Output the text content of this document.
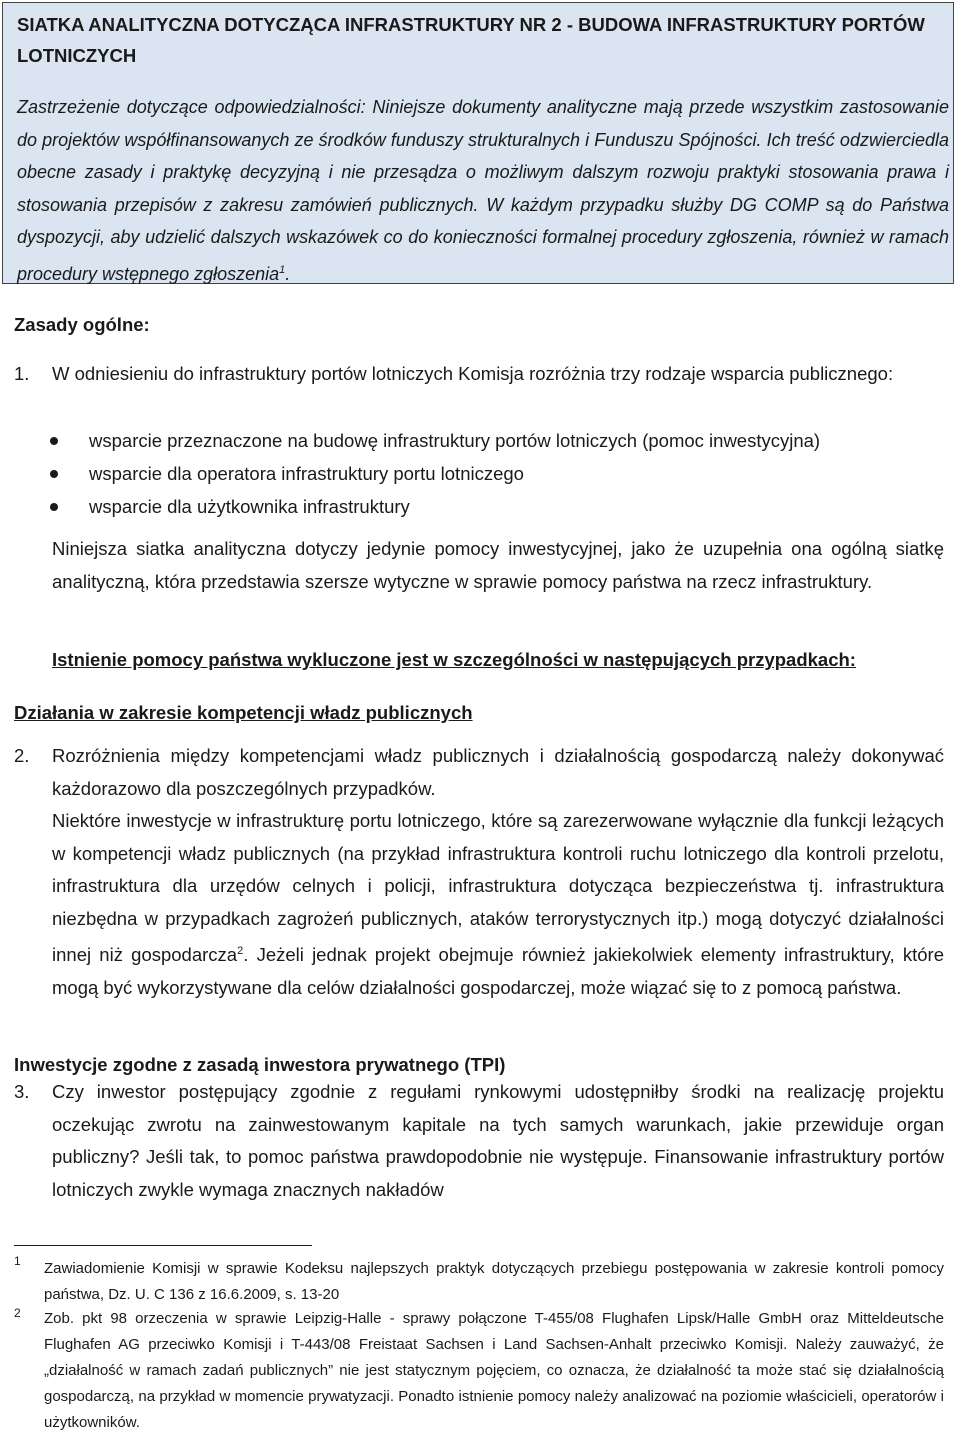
SIATKA ANALITYCZNA DOTYCZĄCA INFRASTRUKTURY NR 2 - BUDOWA INFRASTRUKTURY PORTÓW LOTNICZYCH
Zastrzeżenie dotyczące odpowiedzialności: Niniejsze dokumenty analityczne mają przede wszystkim zastosowanie do projektów współfinansowanych ze środków funduszy strukturalnych i Funduszu Spójności. Ich treść odzwierciedla obecne zasady i praktykę decyzyjną i nie przesądza o możliwym dalszym rozwoju praktyki stosowania prawa i stosowania przepisów z zakresu zamówień publicznych. W każdym przypadku służby DG COMP są do Państwa dyspozycji, aby udzielić dalszych wskazówek co do konieczności formalnej procedury zgłoszenia, również w ramach procedury wstępnego zgłoszenia$^1$.
Zasady ogólne:
1. W odniesieniu do infrastruktury portów lotniczych Komisja rozróżnia trzy rodzaje wsparcia publicznego:
wsparcie przeznaczone na budowę infrastruktury portów lotniczych (pomoc inwestycyjna)
wsparcie dla operatora infrastruktury portu lotniczego
wsparcie dla użytkownika infrastruktury
Niniejsza siatka analityczna dotyczy jedynie pomocy inwestycyjnej, jako że uzupełnia ona ogólną siatkę analityczną, która przedstawia szersze wytyczne w sprawie pomocy państwa na rzecz infrastruktury.
Istnienie pomocy państwa wykluczone jest w szczególności w następujących przypadkach:
Działania w zakresie kompetencji władz publicznych
2. Rozróżnienia między kompetencjami władz publicznych i działalnością gospodarczą należy dokonywać każdorazowo dla poszczególnych przypadków.
Niektóre inwestycje w infrastrukturę portu lotniczego, które są zarezerwowane wyłącznie dla funkcji leżących w kompetencji władz publicznych (na przykład infrastruktura kontroli ruchu lotniczego dla kontroli przelotu, infrastruktura dla urzędów celnych i policji, infrastruktura dotycząca bezpieczeństwa tj. infrastruktura niezbędna w przypadkach zagrożeń publicznych, ataków terrorystycznych itp.) mogą dotyczyć działalności innej niż gospodarcza$^2$. Jeżeli jednak projekt obejmuje również jakiekolwiek elementy infrastruktury, które mogą być wykorzystywane dla celów działalności gospodarczej, może wiązać się to z pomocą państwa.
Inwestycje zgodne z zasadą inwestora prywatnego (TPI)
3. Czy inwestor postępujący zgodnie z regułami rynkowymi udostępniłby środki na realizację projektu oczekując zwrotu na zainwestowanym kapitale na tych samych warunkach, jakie przewiduje organ publiczny? Jeśli tak, to pomoc państwa prawdopodobnie nie występuje. Finansowanie infrastruktury portów lotniczych zwykle wymaga znacznych nakładów
1 Zawiadomienie Komisji w sprawie Kodeksu najlepszych praktyk dotyczących przebiegu postępowania w zakresie kontroli pomocy państwa, Dz. U. C 136 z 16.6.2009, s. 13-20
2 Zob. pkt 98 orzeczenia w sprawie Leipzig-Halle - sprawy połączone T-455/08 Flughafen Lipsk/Halle GmbH oraz Mitteldeutsche Flughafen AG przeciwko Komisji i T-443/08 Freistaat Sachsen i Land Sachsen-Anhalt przeciwko Komisji. Należy zauważyć, że „działalność w ramach zadań publicznych” nie jest statycznym pojęciem, co oznacza, że działalność ta może stać się działalnością gospodarczą, na przykład w momencie prywatyzacji. Ponadto istnienie pomocy należy analizować na poziomie właścicieli, operatorów i użytkowników.
